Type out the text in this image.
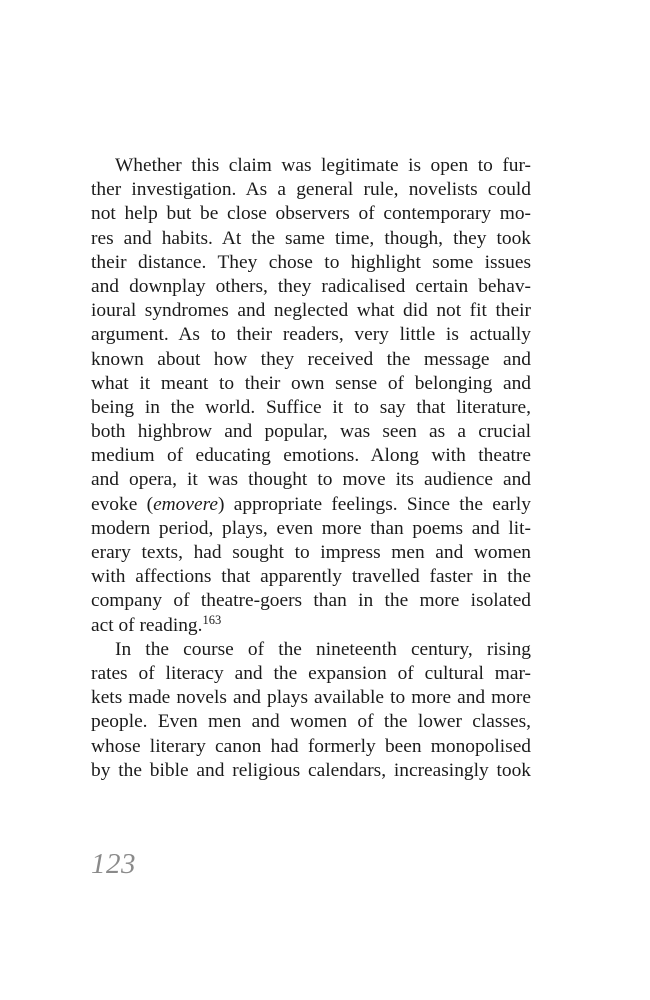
Whether this claim was legitimate is open to fur-
ther investigation. As a general rule, novelists could
not help but be close observers of contemporary mo-
res and habits. At the same time, though, they took
their distance. They chose to highlight some issues
and downplay others, they radicalised certain behav-
ioural syndromes and neglected what did not fit their
argument. As to their readers, very little is actually
known about how they received the message and
what it meant to their own sense of belonging and
being in the world. Suffice it to say that literature,
both highbrow and popular, was seen as a crucial
medium of educating emotions. Along with theatre
and opera, it was thought to move its audience and
evoke (emovere) appropriate feelings. Since the early
modern period, plays, even more than poems and lit-
erary texts, had sought to impress men and women
with affections that apparently travelled faster in the
company of theatre-goers than in the more isolated
act of reading.$^{163}$
In the course of the nineteenth century, rising
rates of literacy and the expansion of cultural mar-
kets made novels and plays available to more and more
people. Even men and women of the lower classes,
whose literary canon had formerly been monopolised
by the bible and religious calendars, increasingly took
123
